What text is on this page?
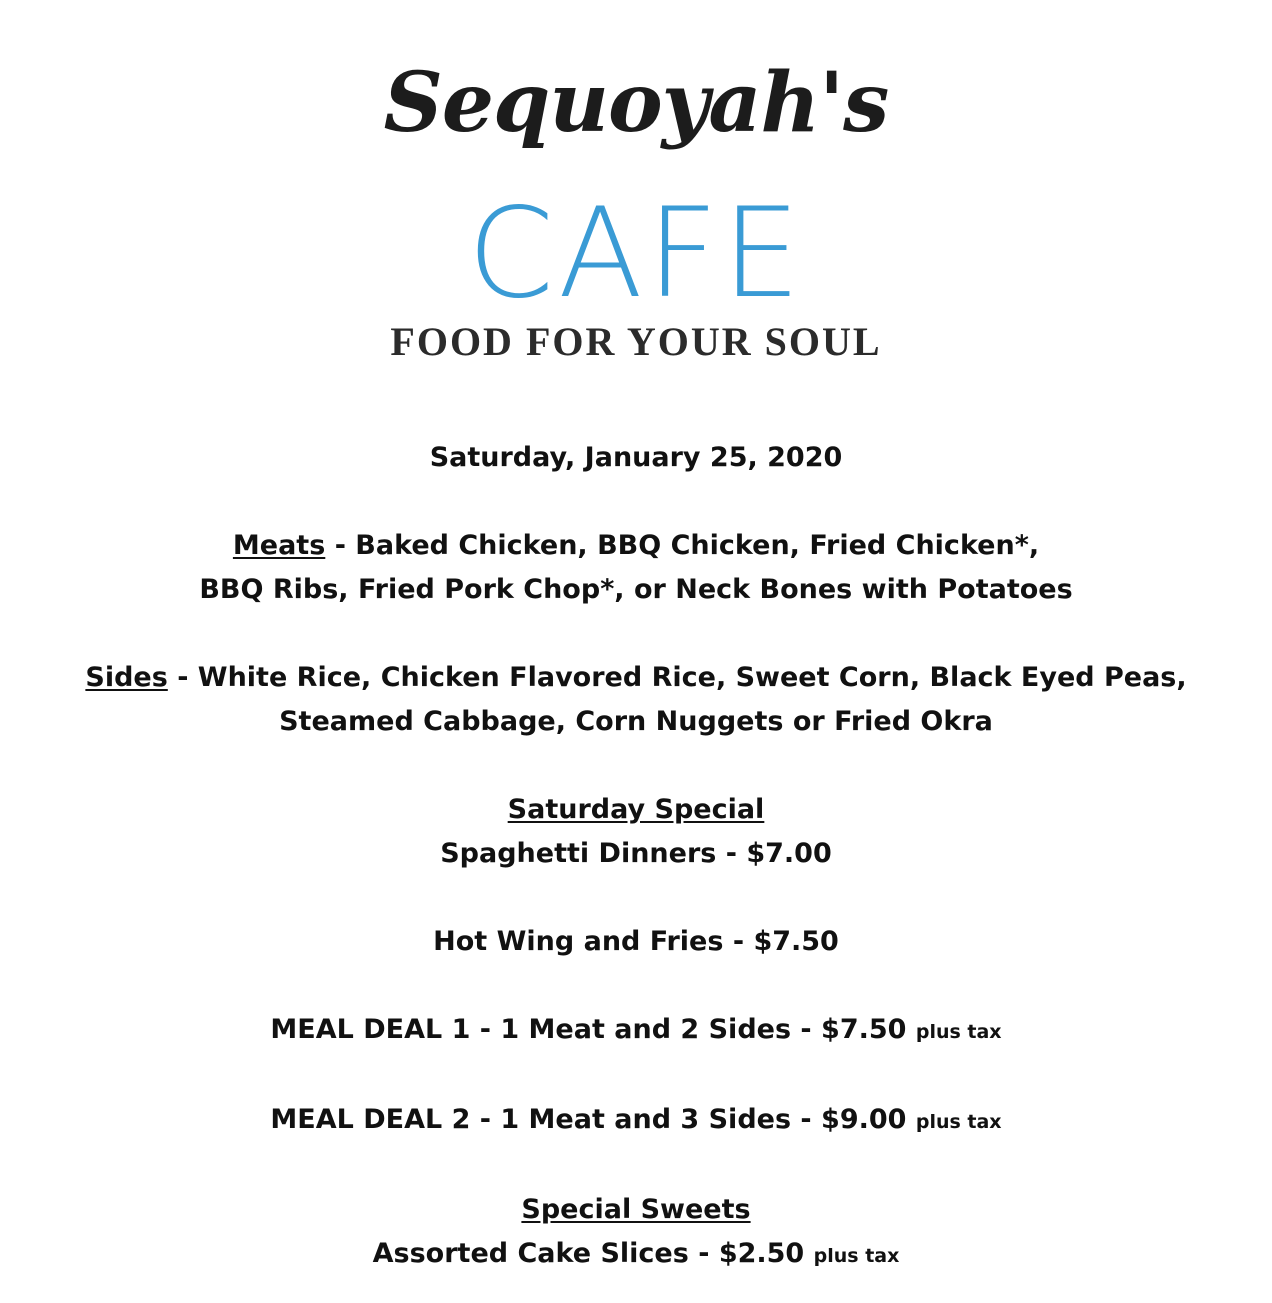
Sequoyah's
CAFE
FOOD FOR YOUR SOUL
Saturday, January 25, 2020
Meats - Baked Chicken, BBQ Chicken, Fried Chicken*,
BBQ Ribs, Fried Pork Chop*, or Neck Bones with Potatoes
Sides - White Rice, Chicken Flavored Rice, Sweet Corn, Black Eyed Peas,
Steamed Cabbage, Corn Nuggets or Fried Okra
Saturday Special
Spaghetti Dinners - $7.00
Hot Wing and Fries - $7.50
MEAL DEAL 1 - 1 Meat and 2 Sides - $7.50 plus tax
MEAL DEAL 2 - 1 Meat and 3 Sides - $9.00 plus tax
Special Sweets
Assorted Cake Slices - $2.50 plus tax
